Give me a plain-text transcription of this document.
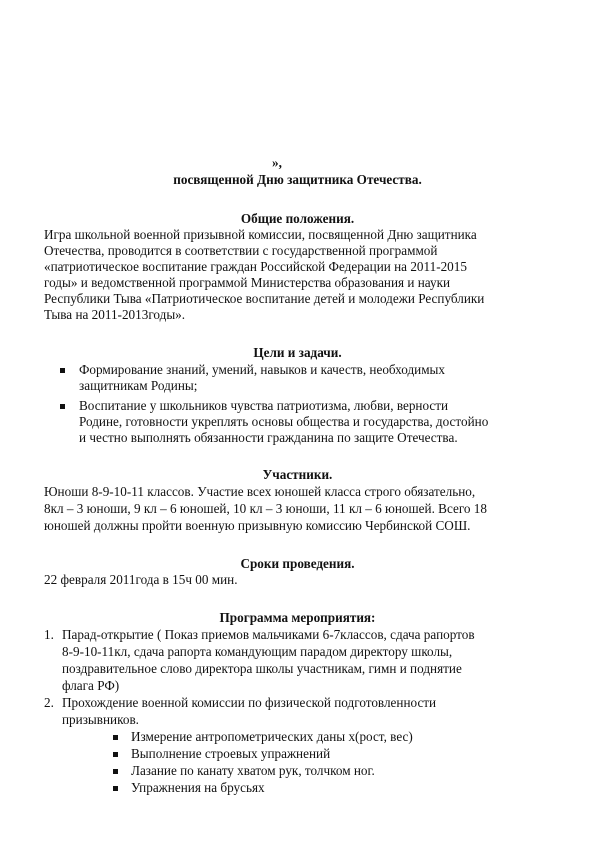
»,
посвященной Дню защитника Отечества.
Общие положения.
Игра школьной военной призывной комиссии, посвященной Дню защитника
Отечества, проводится в соответствии с государственной программой
«патриотическое воспитание граждан Российской Федерации на 2011-2015
годы» и ведомственной программой Министерства образования и науки
Республики Тыва «Патриотическое воспитание детей и молодежи Республики
Тыва на 2011-2013годы».
Цели и задачи.
Формирование знаний, умений, навыков и качеств, необходимых
защитникам Родины;
Воспитание у школьников чувства патриотизма, любви, верности
Родине, готовности укреплять основы общества и государства, достойно
и честно выполнять обязанности гражданина по защите Отечества.
Участники.
Юноши 8-9-10-11 классов. Участие всех юношей класса строго обязательно,
8кл – 3 юноши, 9 кл – 6 юношей, 10 кл – 3 юноши, 11 кл – 6 юношей. Всего 18
юношей должны пройти военную призывную комиссию Чербинской СОШ.
Сроки проведения.
22 февраля 2011года в 15ч 00 мин.
Программа мероприятия:
1. Парад-открытие ( Показ приемов мальчиками 6-7классов, сдача рапортов
8-9-10-11кл, сдача рапорта командующим парадом директору школы,
поздравительное слово директора школы участникам, гимн и поднятие
флага РФ)
2. Прохождение военной комиссии по физической подготовленности
призывников.
Измерение антропометрических даны х(рост, вес)
Выполнение строевых упражнений
Лазание по канату хватом рук, толчком ног.
Упражнения на брусьях
